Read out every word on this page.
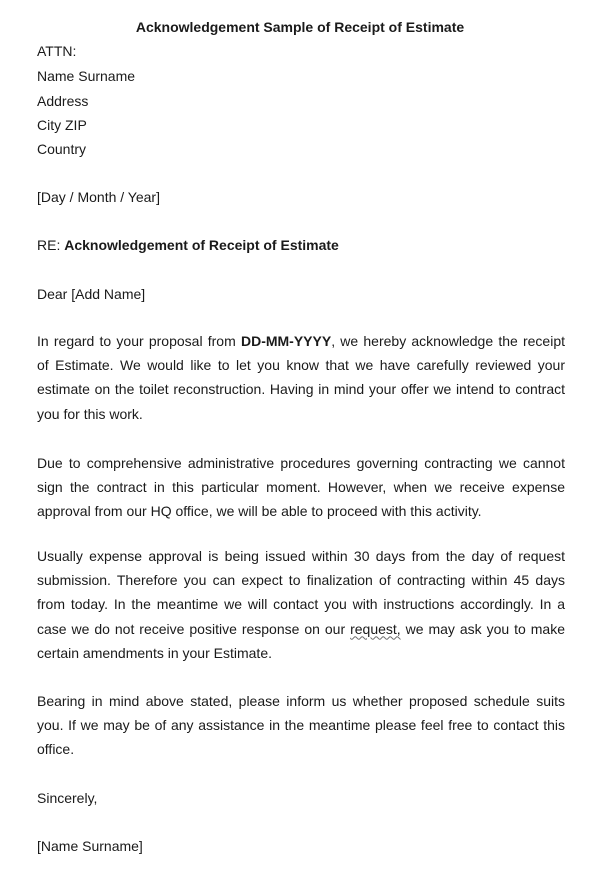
Acknowledgement Sample of Receipt of Estimate
ATTN:
Name Surname
Address
City ZIP
Country
[Day / Month / Year]
RE: Acknowledgement of Receipt of Estimate
Dear [Add Name]
In regard to your proposal from DD-MM-YYYY, we hereby acknowledge the receipt of Estimate. We would like to let you know that we have carefully reviewed your estimate on the toilet reconstruction. Having in mind your offer we intend to contract you for this work.
Due to comprehensive administrative procedures governing contracting we cannot sign the contract in this particular moment. However, when we receive expense approval from our HQ office, we will be able to proceed with this activity.
Usually expense approval is being issued within 30 days from the day of request submission. Therefore you can expect to finalization of contracting within 45 days from today. In the meantime we will contact you with instructions accordingly. In a case we do not receive positive response on our request, we may ask you to make certain amendments in your Estimate.
Bearing in mind above stated, please inform us whether proposed schedule suits you. If we may be of any assistance in the meantime please feel free to contact this office.
Sincerely,
[Name Surname]
